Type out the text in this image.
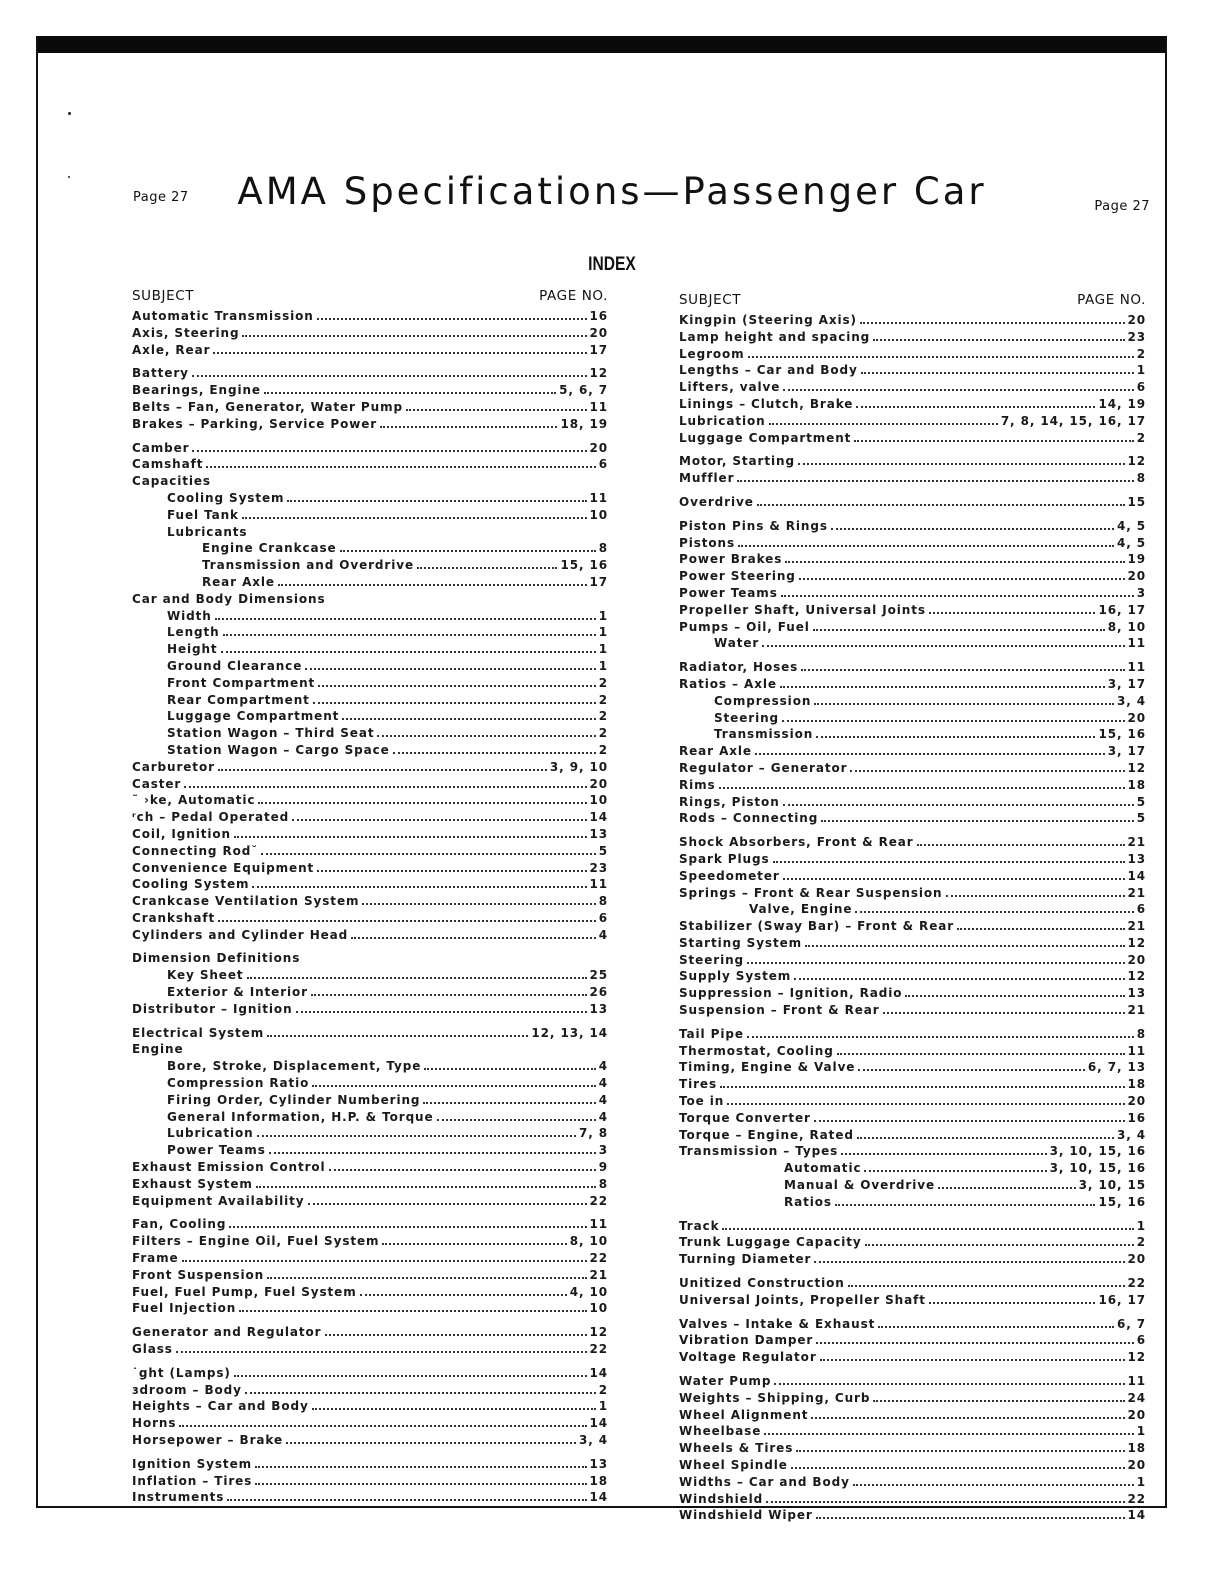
Page 27	AMA Specifications—Passenger Car	Page 27
INDEX
SUBJECT	PAGE NO.
Automatic Transmission	16
Axis, Steering	20
Axle, Rear	17
Battery	12
Bearings, Engine	5, 6, 7
Belts – Fan, Generator, Water Pump	11
Brakes – Parking, Service Power	18, 19
Camber	20
Camshaft	6
Capacities
Cooling System	11
Fuel Tank	10
Lubricants
Engine Crankcase	8
Transmission and Overdrive	15, 16
Rear Axle	17
Car and Body Dimensions
Width	1
Length	1
Height	1
Ground Clearance	1
Front Compartment	2
Rear Compartment	2
Luggage Compartment	2
Station Wagon – Third Seat	2
Station Wagon – Cargo Space	2
Carburetor	3, 9, 10
Caster	20
˜ ›ke, Automatic	10
ʳch – Pedal Operated	14
Coil, Ignition	13
Connecting Rod˘	5
Convenience Equipment	23
Cooling System	11
Crankcase Ventilation System	8
Crankshaft	6
Cylinders and Cylinder Head	4
Dimension Definitions
Key Sheet	25
Exterior & Interior	26
Distributor – Ignition	13
Electrical System	12, 13, 14
Engine
Bore, Stroke, Displacement, Type	4
Compression Ratio	4
Firing Order, Cylinder Numbering	4
General Information, H.P. & Torque	4
Lubrication	7, 8
Power Teams	3
Exhaust Emission Control	9
Exhaust System	8
Equipment Availability	22
Fan, Cooling	11
Filters – Engine Oil, Fuel System	8, 10
Frame	22
Front Suspension	21
Fuel, Fuel Pump, Fuel System	4, 10
Fuel Injection	10
Generator and Regulator	12
Glass	22
˙ght (Lamps)	14
ɜdroom – Body	2
Heights – Car and Body	1
Horns	14
Horsepower – Brake	3, 4
Ignition System	13
Inflation – Tires	18
Instruments	14
SUBJECT	PAGE NO.
Kingpin (Steering Axis)	20
Lamp height and spacing	23
Legroom	2
Lengths – Car and Body	1
Lifters, valve	6
Linings – Clutch, Brake	14, 19
Lubrication	7, 8, 14, 15, 16, 17
Luggage Compartment	2
Motor, Starting	12
Muffler	8
Overdrive	15
Piston Pins & Rings	4, 5
Pistons	4, 5
Power Brakes	19
Power Steering	20
Power Teams	3
Propeller Shaft, Universal Joints	16, 17
Pumps – Oil, Fuel	8, 10
Water	11
Radiator, Hoses	11
Ratios – Axle	3, 17
Compression	3, 4
Steering	20
Transmission	15, 16
Rear Axle	3, 17
Regulator – Generator	12
Rims	18
Rings, Piston	5
Rods – Connecting	5
Shock Absorbers, Front & Rear	21
Spark Plugs	13
Speedometer	14
Springs – Front & Rear Suspension	21
Valve, Engine	6
Stabilizer (Sway Bar) – Front & Rear	21
Starting System	12
Steering	20
Supply System	12
Suppression – Ignition, Radio	13
Suspension – Front & Rear	21
Tail Pipe	8
Thermostat, Cooling	11
Timing, Engine & Valve	6, 7, 13
Tires	18
Toe in	20
Torque Converter	16
Torque – Engine, Rated	3, 4
Transmission – Types	3, 10, 15, 16
Automatic	3, 10, 15, 16
Manual & Overdrive	3, 10, 15
Ratios	15, 16
Track	1
Trunk Luggage Capacity	2
Turning Diameter	20
Unitized Construction	22
Universal Joints, Propeller Shaft	16, 17
Valves – Intake & Exhaust	6, 7
Vibration Damper	6
Voltage Regulator	12
Water Pump	11
Weights – Shipping, Curb	24
Wheel Alignment	20
Wheelbase	1
Wheels & Tires	18
Wheel Spindle	20
Widths – Car and Body	1
Windshield	22
Windshield Wiper	14
